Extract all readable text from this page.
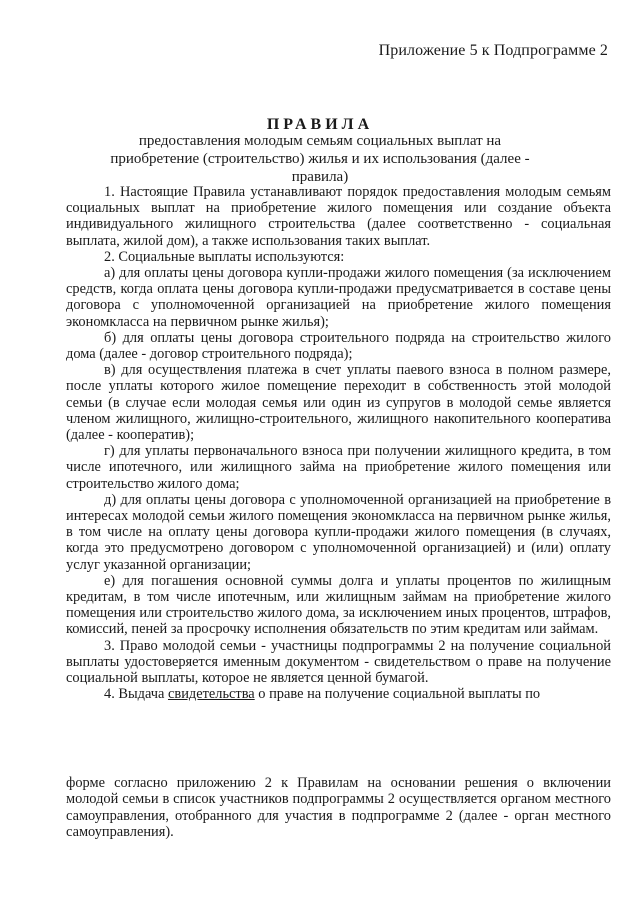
Приложение 5 к Подпрограмме 2
ПРАВИЛА
предоставления молодым семьям социальных выплат на приобретение (строительство) жилья и их использования (далее - правила)

1. Настоящие Правила устанавливают порядок предоставления молодым семьям социальных выплат на приобретение жилого помещения или создание объекта индивидуального жилищного строительства (далее соответственно - социальная выплата, жилой дом), а также использования таких выплат.

2. Социальные выплаты используются:

а) для оплаты цены договора купли-продажи жилого помещения (за исключением средств, когда оплата цены договора купли-продажи предусматривается в составе цены договора с уполномоченной организацией на приобретение жилого помещения экономкласса на первичном рынке жилья);

б) для оплаты цены договора строительного подряда на строительство жилого дома (далее - договор строительного подряда);

в) для осуществления платежа в счет уплаты паевого взноса в полном размере, после уплаты которого жилое помещение переходит в собственность этой молодой семьи (в случае если молодая семья или один из супругов в молодой семье является членом жилищного, жилищно-строительного, жилищного накопительного кооператива (далее - кооператив);

г) для уплаты первоначального взноса при получении жилищного кредита, в том числе ипотечного, или жилищного займа на приобретение жилого помещения или строительство жилого дома;

д) для оплаты цены договора с уполномоченной организацией на приобретение в интересах молодой семьи жилого помещения экономкласса на первичном рынке жилья, в том числе на оплату цены договора купли-продажи жилого помещения (в случаях, когда это предусмотрено договором с уполномоченной организацией) и (или) оплату услуг указанной организации;

е) для погашения основной суммы долга и уплаты процентов по жилищным кредитам, в том числе ипотечным, или жилищным займам на приобретение жилого помещения или строительство жилого дома, за исключением иных процентов, штрафов, комиссий, пеней за просрочку исполнения обязательств по этим кредитам или займам.

3. Право молодой семьи - участницы подпрограммы 2 на получение социальной выплаты удостоверяется именным документом - свидетельством о праве на получение социальной выплаты, которое не является ценной бумагой.

4. Выдача свидетельства о праве на получение социальной выплаты по

форме согласно приложению 2 к Правилам на основании решения о включении молодой семьи в список участников подпрограммы 2 осуществляется органом местного самоуправления, отобранного для участия в подпрограмме 2 (далее - орган местного самоуправления).
